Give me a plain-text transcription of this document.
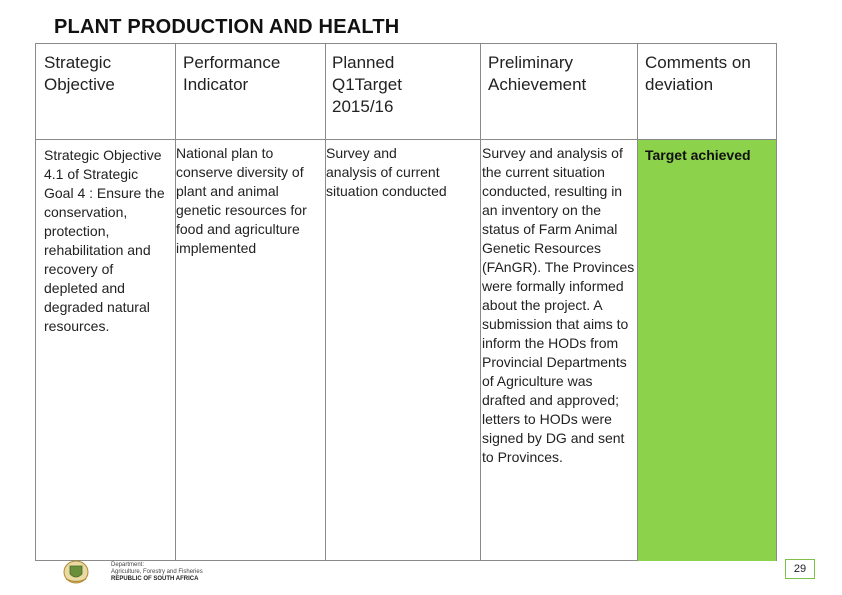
PLANT PRODUCTION AND HEALTH
Strategic Objective
Performance Indicator
Planned Q1Target 2015/16
Preliminary Achievement
Comments on deviation
Strategic Objective 4.1 of Strategic Goal 4 : Ensure the conservation, protection, rehabilitation and recovery of depleted and degraded natural resources.
National plan to conserve diversity of plant and animal genetic resources for food and agriculture implemented
Survey and analysis of current situation conducted
Survey and analysis of the current situation conducted, resulting in an inventory on the status of Farm Animal Genetic Resources (FAnGR). The Provinces were formally informed about the project. A submission that aims to inform the HODs from Provincial Departments of Agriculture was drafted and approved; letters to HODs were signed by DG and sent to Provinces.
Target achieved
Department:
Agriculture, Forestry and Fisheries
REPUBLIC OF SOUTH AFRICA
29
